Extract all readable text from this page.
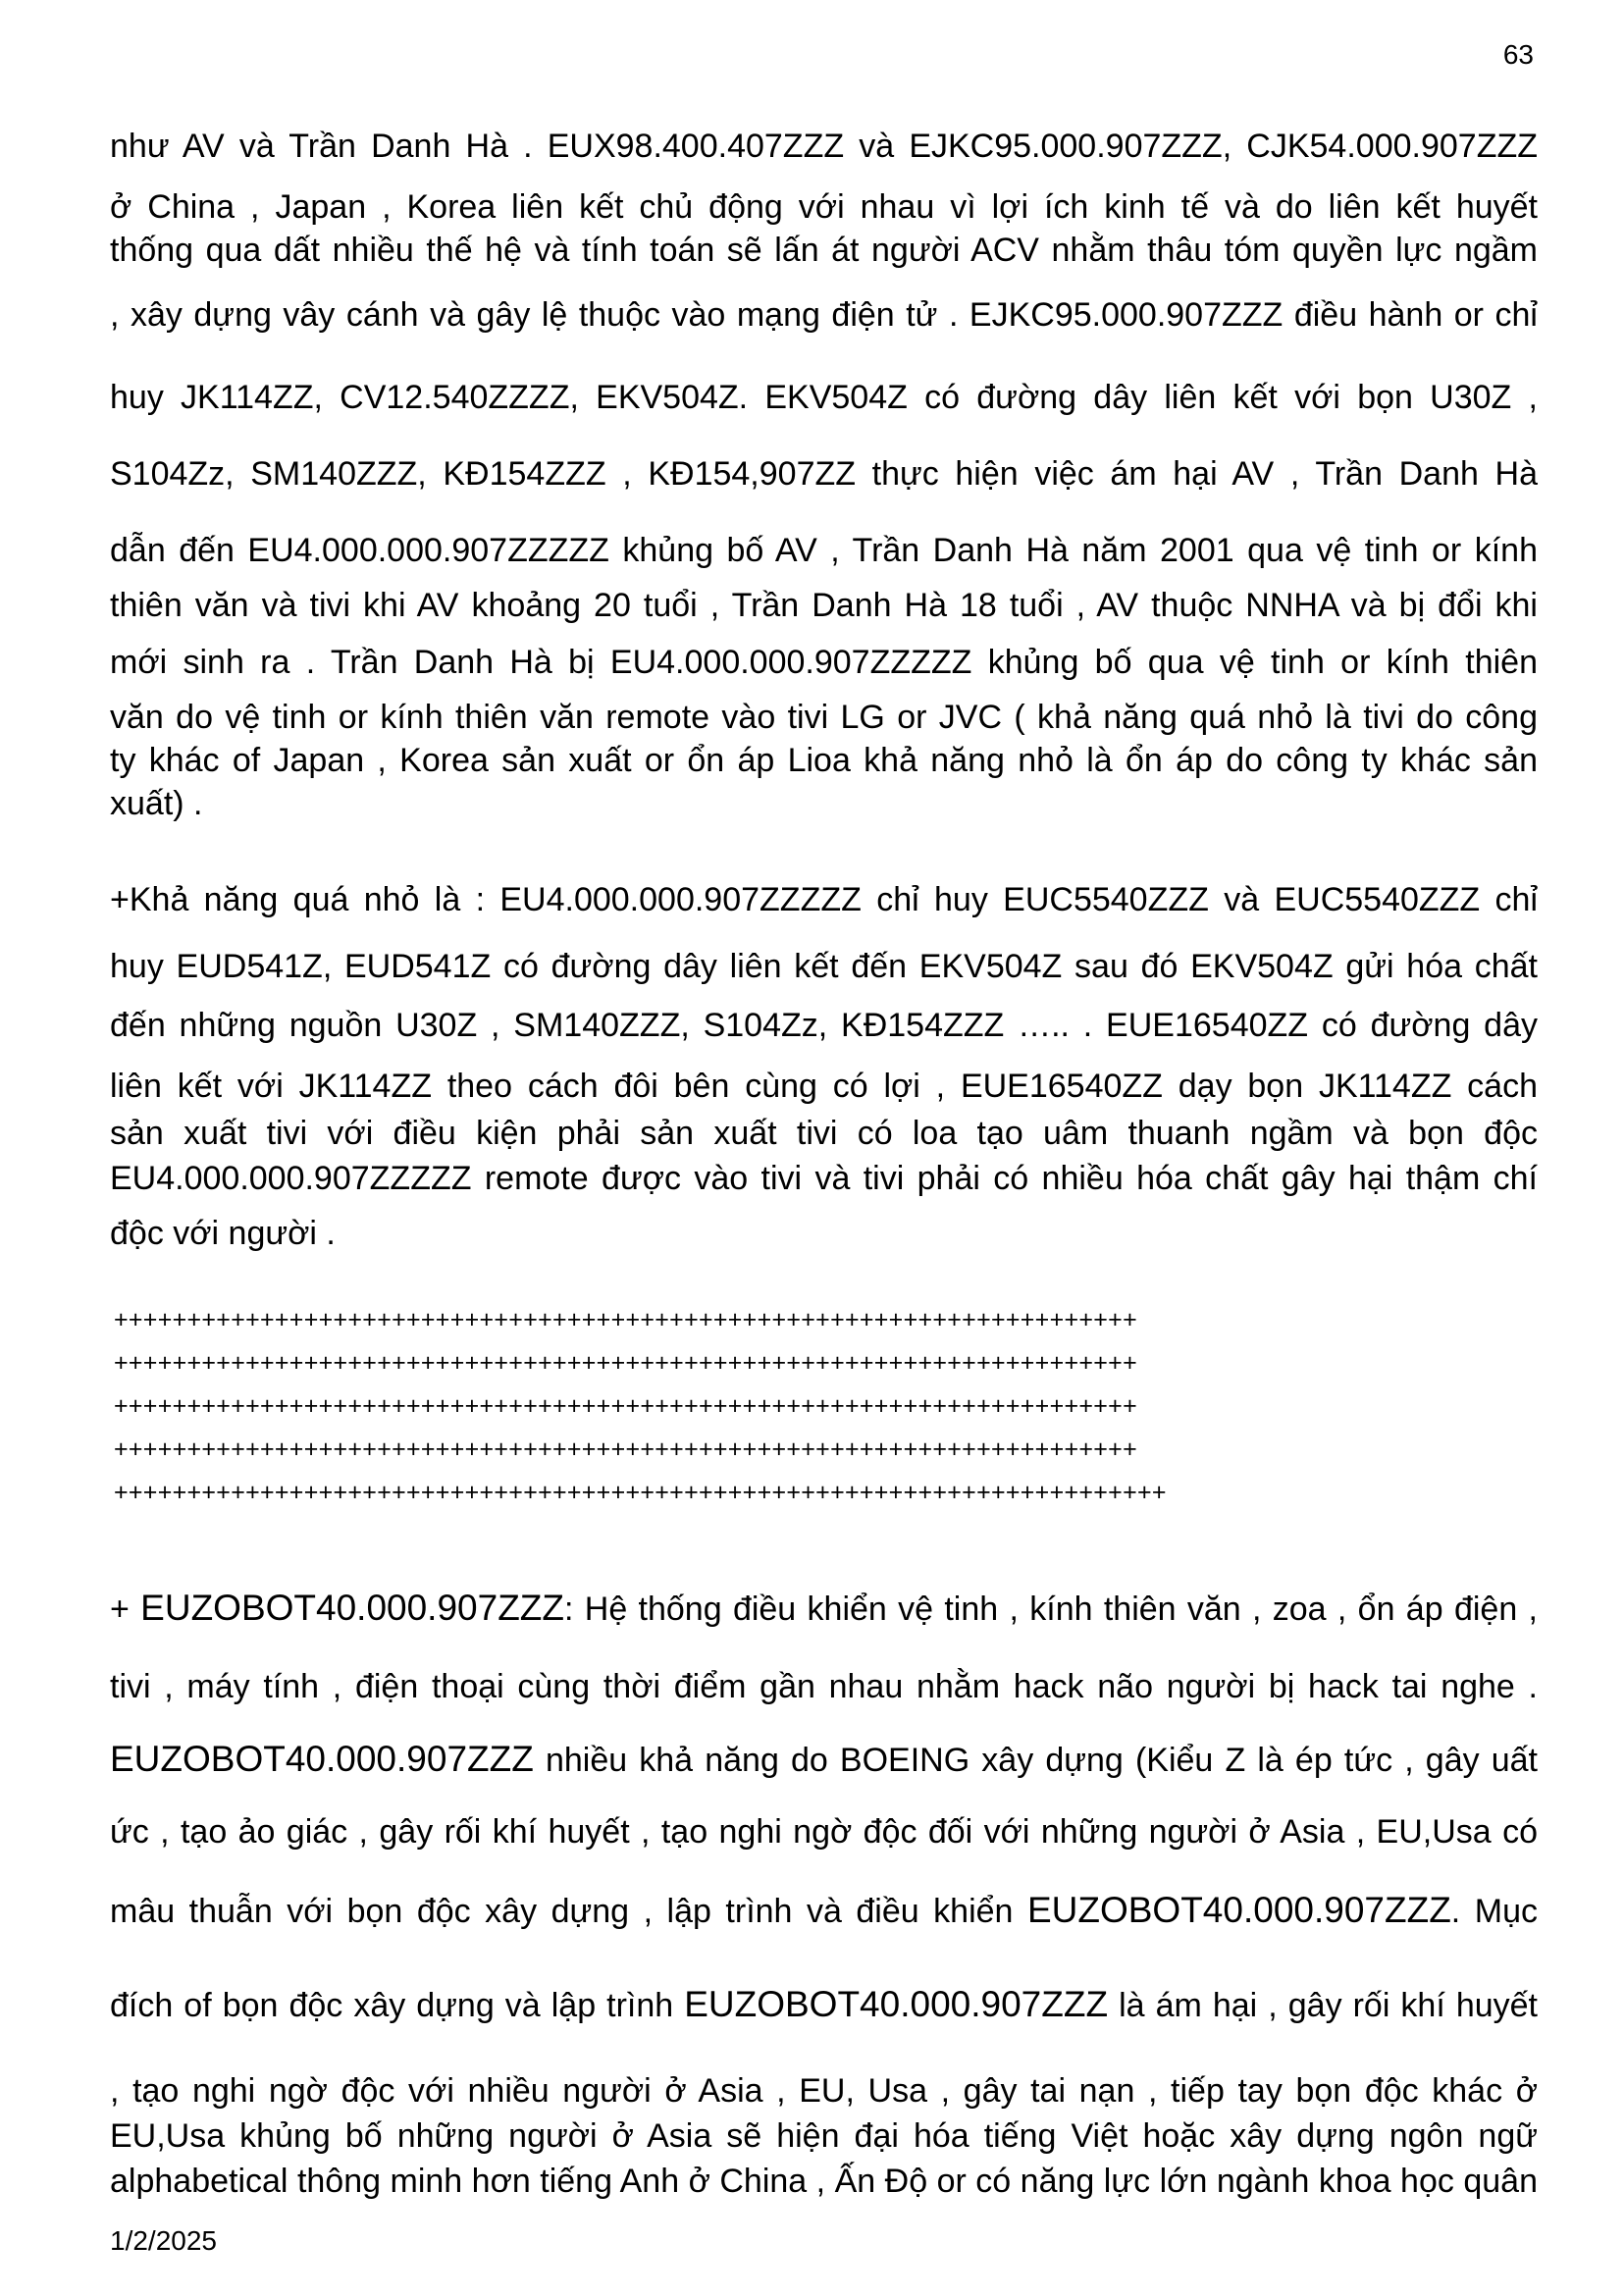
63
như AV và Trần Danh Hà . EUX98.400.407ZZZ và EJKC95.000.907ZZZ, CJK54.000.907ZZZ
ở China , Japan , Korea liên kết chủ động với nhau vì lợi ích kinh tế và do liên kết huyết
thống qua dất nhiều thế hệ và tính toán sẽ lấn át người ACV nhằm thâu tóm quyền lực ngầm
, xây dựng vây cánh và gây lệ thuộc vào mạng điện tử . EJKC95.000.907ZZZ điều hành or chỉ
huy JK114ZZ, CV12.540ZZZZ, EKV504Z. EKV504Z có đường dây liên kết với bọn U30Z ,
S104Zz, SM140ZZZ, KĐ154ZZZ , KĐ154,907ZZ thực hiện việc ám hại AV , Trần Danh Hà
dẫn đến EU4.000.000.907ZZZZZ khủng bố AV , Trần Danh Hà năm 2001 qua vệ tinh or kính
thiên văn và tivi khi AV khoảng 20 tuổi , Trần Danh Hà 18 tuổi , AV thuộc NNHA và bị đổi khi
mới sinh ra . Trần Danh Hà bị EU4.000.000.907ZZZZZ khủng bố qua vệ tinh or kính thiên
văn do vệ tinh or kính thiên văn remote vào tivi LG or JVC ( khả năng quá nhỏ là tivi do công
ty khác of Japan , Korea sản xuất or ổn áp Lioa khả năng nhỏ là ổn áp do công ty khác sản
xuất) .
+Khả năng quá nhỏ là : EU4.000.000.907ZZZZZ chỉ huy EUC5540ZZZ và EUC5540ZZZ chỉ
huy EUD541Z, EUD541Z có đường dây liên kết đến EKV504Z sau đó EKV504Z gửi hóa chất
đến những nguồn U30Z , SM140ZZZ, S104Zz, KĐ154ZZZ ….. . EUE16540ZZ có đường dây
liên kết với JK114ZZ theo cách đôi bên cùng có lợi , EUE16540ZZ dạy bọn JK114ZZ cách
sản xuất tivi với điều kiện phải sản xuất tivi có loa tạo uâm thuanh ngầm và bọn độc
EU4.000.000.907ZZZZZ remote được vào tivi và tivi phải có nhiều hóa chất gây hại thậm chí
độc với người .
++++++++++++++++++++++++++++++++++++++++++++++++++++++++++++++++++++++
++++++++++++++++++++++++++++++++++++++++++++++++++++++++++++++++++++++
++++++++++++++++++++++++++++++++++++++++++++++++++++++++++++++++++++++
++++++++++++++++++++++++++++++++++++++++++++++++++++++++++++++++++++++
++++++++++++++++++++++++++++++++++++++++++++++++++++++++++++++++++++++++
+ EUZOBOT40.000.907ZZZ: Hệ thống điều khiển vệ tinh , kính thiên văn , zoa , ổn áp điện ,
tivi , máy tính , điện thoại cùng thời điểm gần nhau nhằm hack não người bị hack tai nghe .
EUZOBOT40.000.907ZZZ nhiều khả năng do BOEING xây dựng (Kiểu Z là ép tức , gây uất
ức , tạo ảo giác , gây rối khí huyết , tạo nghi ngờ độc đối với những người ở Asia , EU,Usa có
mâu thuẫn với bọn độc xây dựng , lập trình và điều khiển EUZOBOT40.000.907ZZZ. Mục
đích of bọn độc xây dựng và lập trình EUZOBOT40.000.907ZZZ là ám hại , gây rối khí huyết
, tạo nghi ngờ độc với nhiều người ở Asia , EU, Usa , gây tai nạn , tiếp tay bọn độc khác ở
EU,Usa khủng bố những người ở Asia sẽ hiện đại hóa tiếng Việt hoặc xây dựng ngôn ngữ
alphabetical thông minh hơn tiếng Anh ở China , Ấn Độ or có năng lực lớn ngành khoa học quân
1/2/2025
